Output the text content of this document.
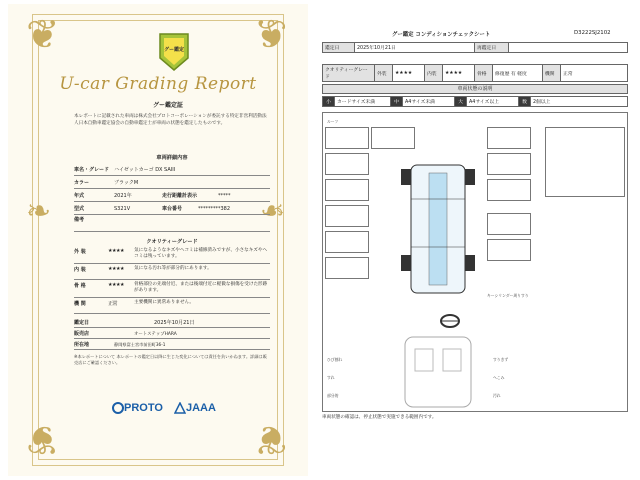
❦	❦
❦	❦
❧	❧
グー鑑定
U-car Grading Report
グー鑑定証
本レポートに記載された車両は株式会社プロトコーポレーションが委託する特定非営利活動法人日本自動車鑑定協会の自動車鑑定士が車両の状態を鑑定したものです。
車両詳細内容
車名・グレード ハイゼットカーゴ DX SAIII
カラー	ブラックM
年式	2021年	走行距離計表示	*****
型式	S321V	車台番号	*********382
備考
クオリティーグレード
外 装	★★★★	気になるようなキズやヘコミは補修済みですが、小さなキズやヘコミは残っています。
内 装	★★★★	気になる汚れ等が部分的にあります。
骨 格	★★★★	骨格部位の先端付近、または後端付近に軽微な損傷を受けた形跡があります。
機 関	正常	主要機関に異常ありません。
鑑定日	2025年10月21日
販売店	オートステップHARA
所在地	静岡県富士宮市前田町36-1
※本レポートについて 本レポートの鑑定日以降に生じた変化については責任を負いかねます。詳細は販売店にご確認ください。
PROTO JAAA
グー鑑定 コンディションチェックシート	D3222SJ2102
鑑定日	2025年10月21日	再鑑定日	
クオリティーグレード	外装	★★★★	内装	★★★★	骨格	修復歴 有 軽度	機関	正常
車両状態の説明
小	カードサイズ未満	中	A4サイズ未満	大	A4サイズ以上	数	2個以上
ひび割れ
すれ
すりきず
へこみ
部分的
ルーフ
キーシリンダー周りすり
汚れ
車両状態の確認は、停止状態で実施できる範囲内です。
